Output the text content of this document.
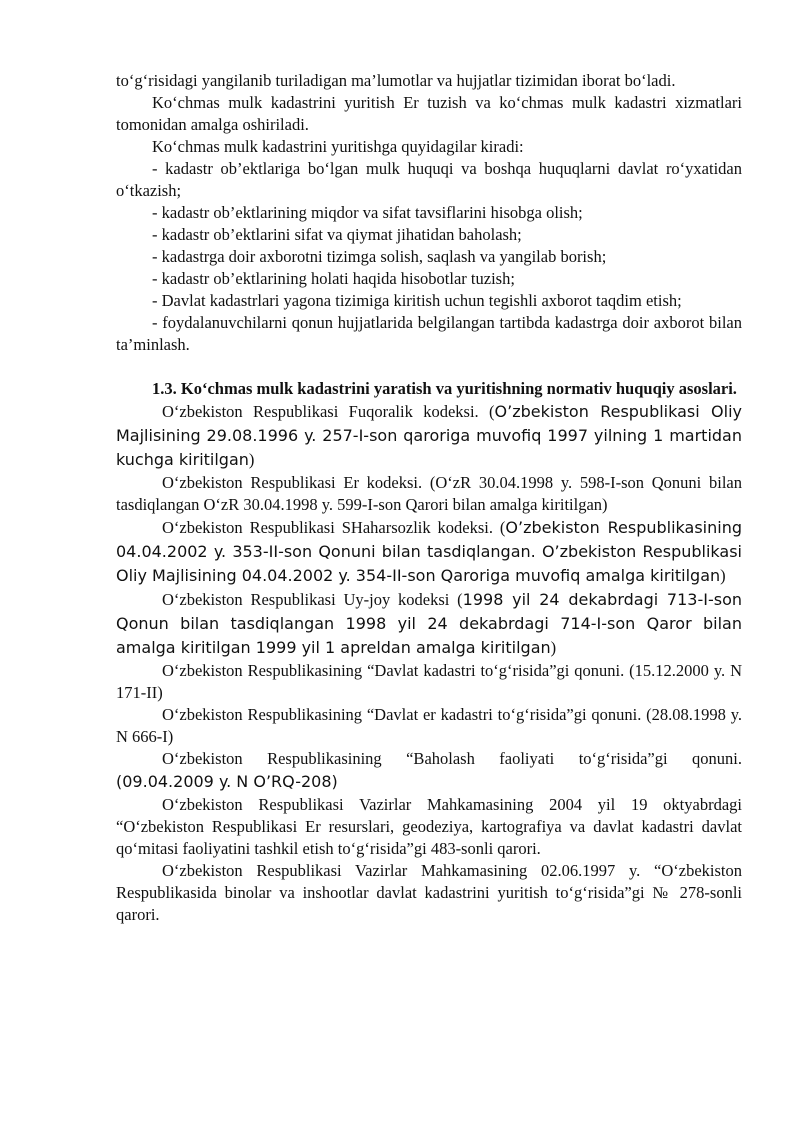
to‘g‘risidagi yangilanib turiladigan ma’lumotlar va hujjatlar tizimidan iborat bo‘ladi.

Ko‘chmas mulk kadastrini yuritish Er tuzish va ko‘chmas mulk kadastri xizmatlari tomonidan amalga oshiriladi.

Ko‘chmas mulk kadastrini yuritishga quyidagilar kiradi:

- kadastr ob’ektlariga bo‘lgan mulk huquqi va boshqa huquqlarni davlat ro‘yxatidan o‘tkazish;

- kadastr ob’ektlarining miqdor va sifat tavsiflarini hisobga olish;

- kadastr ob’ektlarini sifat va qiymat jihatidan baholash;

- kadastrga doir axborotni tizimga solish, saqlash va yangilab borish;

- kadastr ob’ektlarining holati haqida hisobotlar tuzish;

- Davlat kadastrlari yagona tizimiga kiritish uchun tegishli axborot taqdim etish;

- foydalanuvchilarni qonun hujjatlarida belgilangan tartibda kadastrga doir axborot bilan ta’minlash.

1.3. Ko‘chmas mulk kadastrini yaratish va yuritishning normativ huquqiy asoslari.

O‘zbekiston Respublikasi Fuqoralik kodeksi. (O’zbekiston Respublikasi Oliy Majlisining 29.08.1996 y. 257-I-son qaroriga muvofiq 1997 yilning 1 martidan kuchga kiritilgan)

O‘zbekiston Respublikasi Er kodeksi. (O‘zR 30.04.1998 y. 598-I-son Qonuni bilan tasdiqlangan O‘zR 30.04.1998 y. 599-I-son Qarori bilan amalga kiritilgan)

O‘zbekiston Respublikasi SHaharsozlik kodeksi. (O’zbekiston Respublikasining 04.04.2002 y. 353-II-son Qonuni bilan tasdiqlangan. O’zbekiston Respublikasi Oliy Majlisining 04.04.2002 y. 354-II-son Qaroriga muvofiq amalga kiritilgan)

O‘zbekiston Respublikasi Uy-joy kodeksi (1998 yil 24 dekabrdagi 713-I-son Qonun bilan tasdiqlangan 1998 yil 24 dekabrdagi 714-I-son Qaror bilan amalga kiritilgan 1999 yil 1 apreldan amalga kiritilgan)

O‘zbekiston Respublikasining “Davlat kadastri to‘g‘risida”gi qonuni. (15.12.2000 y. N 171-II)

O‘zbekiston Respublikasining “Davlat er kadastri to‘g‘risida”gi qonuni. (28.08.1998 y. N 666-I)

O‘zbekiston Respublikasining “Baholash faoliyati to‘g‘risida”gi qonuni. (09.04.2009 y. N O’RQ-208)

O‘zbekiston Respublikasi Vazirlar Mahkamasining 2004 yil 19 oktyabrdagi “O‘zbekiston Respublikasi Er resurslari, geodeziya, kartografiya va davlat kadastri davlat qo‘mitasi faoliyatini tashkil etish to‘g‘risida”gi 483-sonli qarori.

O‘zbekiston Respublikasi Vazirlar Mahkamasining 02.06.1997 y. “O‘zbekiston Respublikasida binolar va inshootlar davlat kadastrini yuritish to‘g‘risida”gi № 278-sonli qarori.
